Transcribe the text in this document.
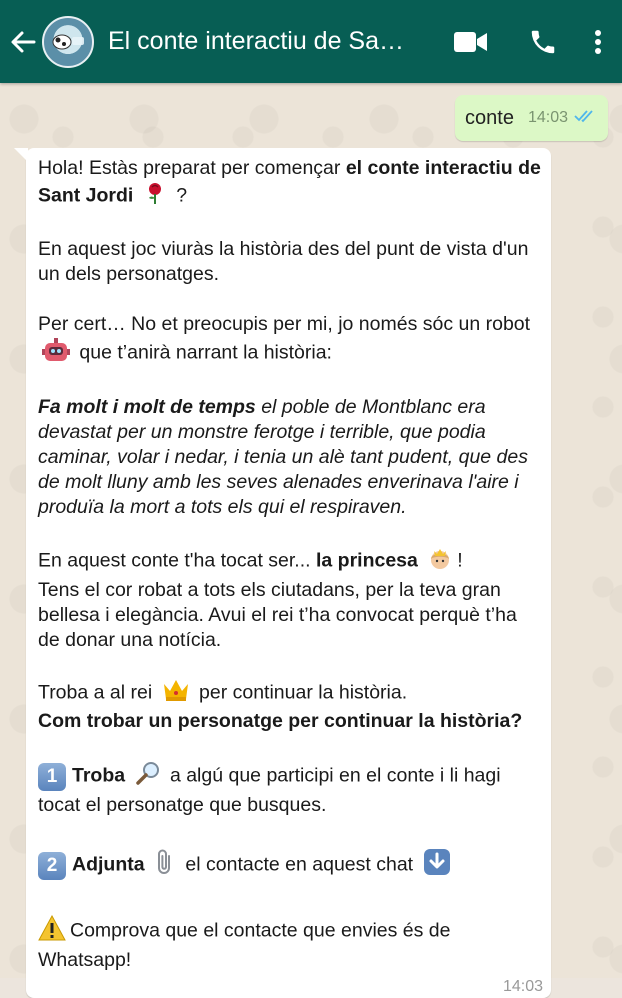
El conte interactiu de Sa…
conte 14:03

Hola! Estàs preparat per començar el conte interactiu de Sant Jordi  ?

En aquest joc viuràs la història des del punt de vista d'un un dels personatges.

Per cert… No et preocupis per mi, jo només sóc un robot  que t’anirà narrant la història:

Fa molt i molt de temps el poble de Montblanc era devastat per un monstre ferotge i terrible, que podia caminar, volar i nedar, i tenia un alè tant pudent, que des de molt lluny amb les seves alenades enverinava l'aire i produïa la mort a tots els qui el respiraven.

En aquest conte t'ha tocat ser... la princesa !

Tens el cor robat a tots els ciutadans, per la teva gran bellesa i elegància. Avui el rei t’ha convocat perquè t’ha de donar una notícia.

Troba a al rei per continuar la història.

Com trobar un personatge per continuar la història?

1 Troba a algú que participi en el conte i li hagi tocat el personatge que busques.

2 Adjunta el contacte en aquest chat

Comprova que el contacte que envies és de Whatsapp!

14:03
